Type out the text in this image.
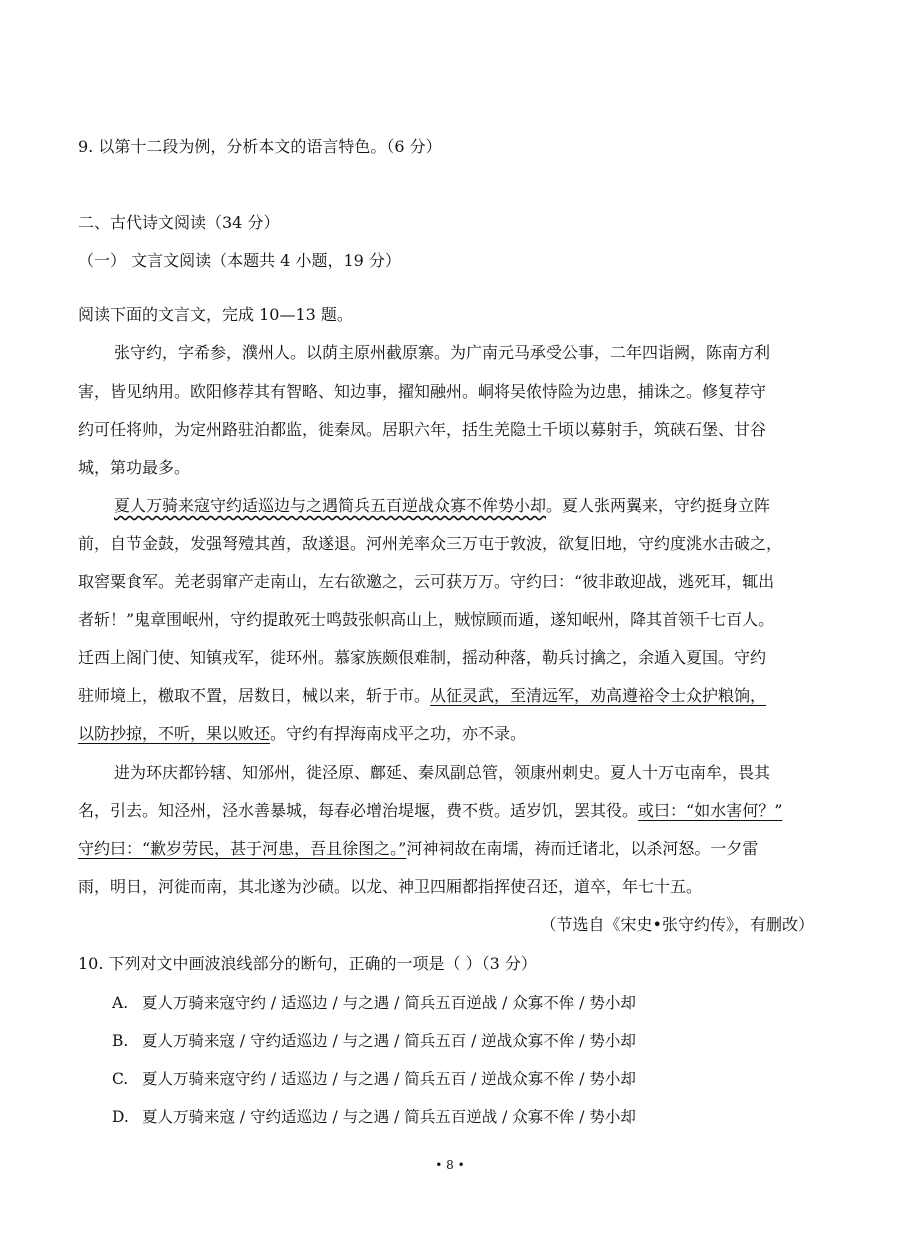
9. 以第十二段为例，分析本文的语言特色。（6 分）
二、古代诗文阅读（34 分）
（一） 文言文阅读（本题共 4 小题，19 分）
阅读下面的文言文，完成 10—13 题。
张守约，字希参，濮州人。以荫主原州截原寨。为广南元马承受公事，二年四诣阙，陈南方利
害，皆见纳用。欧阳修荐其有智略、知边事，擢知融州。峒将吴侬恃险为边患，捕诛之。修复荐守
约可任将帅，为定州路驻泊都监，徙秦凤。居职六年，括生羌隐土千顷以募射手，筑硖石堡、甘谷
城，第功最多。
夏人万骑来寇守约适巡边与之遇简兵五百逆战众寡不侔势小却。夏人张两翼来，守约挺身立阵
前，自节金鼓，发强弩殪其酋，敌遂退。河州羌率众三万屯于敦波，欲复旧地，守约度洮水击破之，
取窖粟食军。羌老弱窜产走南山，左右欲邀之，云可获万万。守约曰：“彼非敢迎战，逃死耳，辄出
者斩！”鬼章围岷州，守约提敢死士鸣鼓张帜高山上，贼惊顾而遁，遂知岷州，降其首领千七百人。
迁西上阁门使、知镇戎军，徙环州。慕家族颇佷难制，摇动种落，勒兵讨擒之，余遁入夏国。守约
驻师境上，檄取不置，居数日，械以来，斩于市。从征灵武，至清远军，劝高遵裕令士众护粮饷，
以防抄掠，不听，果以败还。守约有捍海南戍平之功，亦不录。
进为环庆都钤辖、知邠州，徙泾原、鄜延、秦凤副总管，领康州刺史。夏人十万屯南牟，畏其
名，引去。知泾州，泾水善暴城，每春必增治堤堰，费不赀。适岁饥，罢其役。或曰：“如水害何？”
守约曰：“歉岁劳民，甚于河患，吾且徐图之。”河神祠故在南壖，祷而迁诸北，以杀河怒。一夕雷
雨，明日，河徙而南，其北遂为沙碛。以龙、神卫四厢都指挥使召还，道卒，年七十五。
（节选自《宋史•张守约传》，有删改）
10. 下列对文中画波浪线部分的断句，正确的一项是（ ）（3 分）
A. 夏人万骑来寇守约 / 适巡边 / 与之遇 / 简兵五百逆战 / 众寡不侔 / 势小却
B. 夏人万骑来寇 / 守约适巡边 / 与之遇 / 简兵五百 / 逆战众寡不侔 / 势小却
C. 夏人万骑来寇守约 / 适巡边 / 与之遇 / 简兵五百 / 逆战众寡不侔 / 势小却
D. 夏人万骑来寇 / 守约适巡边 / 与之遇 / 简兵五百逆战 / 众寡不侔 / 势小却
• 8 •
